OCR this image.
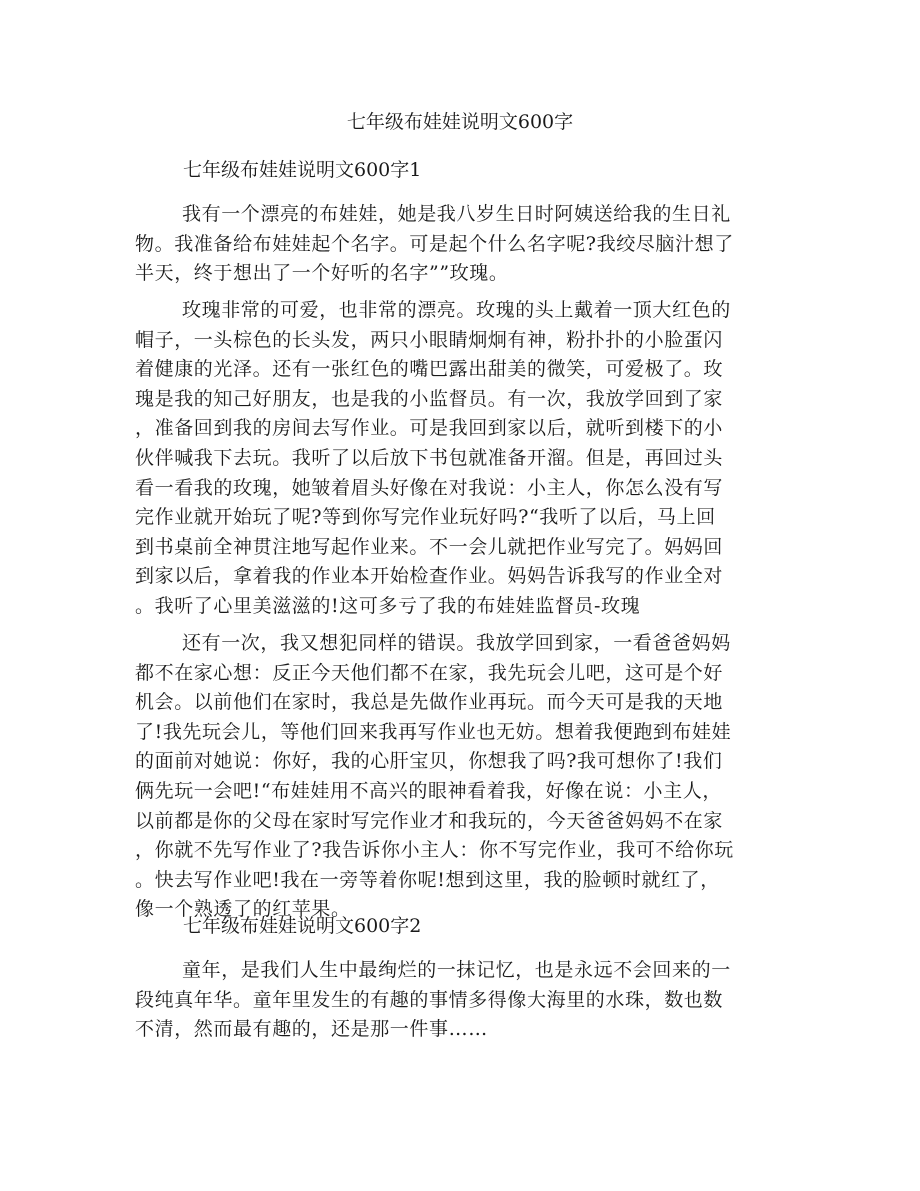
七年级布娃娃说明文600字
七年级布娃娃说明文600字1

我有一个漂亮的布娃娃，她是我八岁生日时阿姨送给我的生日礼
物。我准备给布娃娃起个名字。可是起个什么名字呢?我绞尽脑汁想了
半天，终于想出了一个好听的名字””玫瑰。

玫瑰非常的可爱，也非常的漂亮。玫瑰的头上戴着一顶大红色的
帽子，一头棕色的长头发，两只小眼睛炯炯有神，粉扑扑的小脸蛋闪
着健康的光泽。还有一张红色的嘴巴露出甜美的微笑，可爱极了。玫
瑰是我的知己好朋友，也是我的小监督员。有一次，我放学回到了家
，准备回到我的房间去写作业。可是我回到家以后，就听到楼下的小
伙伴喊我下去玩。我听了以后放下书包就准备开溜。但是，再回过头
看一看我的玫瑰，她皱着眉头好像在对我说：小主人，你怎么没有写
完作业就开始玩了呢?等到你写完作业玩好吗?“我听了以后，马上回
到书桌前全神贯注地写起作业来。不一会儿就把作业写完了。妈妈回
到家以后，拿着我的作业本开始检查作业。妈妈告诉我写的作业全对
。我听了心里美滋滋的!这可多亏了我的布娃娃监督员-玫瑰

还有一次，我又想犯同样的错误。我放学回到家，一看爸爸妈妈
都不在家心想：反正今天他们都不在家，我先玩会儿吧，这可是个好
机会。以前他们在家时，我总是先做作业再玩。而今天可是我的天地
了!我先玩会儿，等他们回来我再写作业也无妨。想着我便跑到布娃娃
的面前对她说：你好，我的心肝宝贝，你想我了吗?我可想你了!我们
俩先玩一会吧!“布娃娃用不高兴的眼神看着我，好像在说：小主人，
以前都是你的父母在家时写完作业才和我玩的，今天爸爸妈妈不在家
，你就不先写作业了?我告诉你小主人：你不写完作业，我可不给你玩
。快去写作业吧!我在一旁等着你呢!想到这里，我的脸顿时就红了，
像一个熟透了的红苹果。

七年级布娃娃说明文600字2

童年，是我们人生中最绚烂的一抹记忆，也是永远不会回来的一
段纯真年华。童年里发生的有趣的事情多得像大海里的水珠，数也数
不清，然而最有趣的，还是那一件事……
